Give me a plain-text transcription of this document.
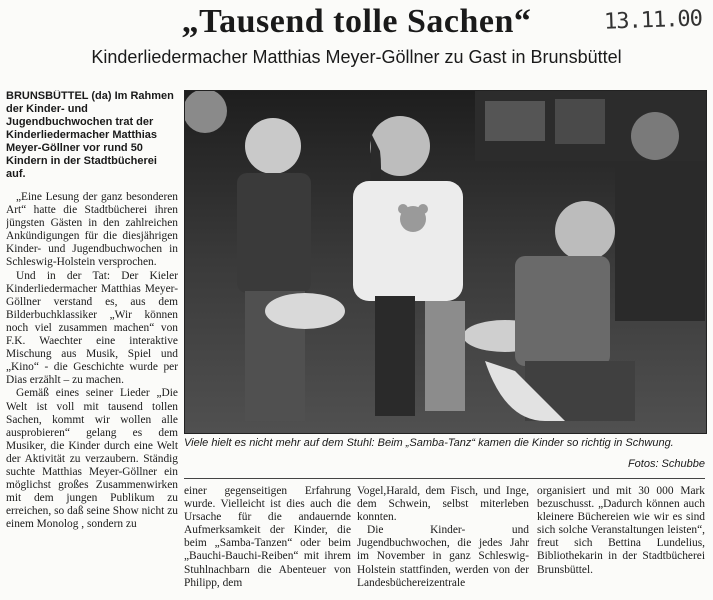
„Tausend tolle Sachen“	13.11.00
Kinderliedermacher Matthias Meyer-Göllner zu Gast in Brunsbüttel

BRUNSBÜTTEL (da) Im Rahmen der Kinder- und Jugendbuchwochen trat der Kinderliedermacher Matthias Meyer-Göllner vor rund 50 Kindern in der Stadtbücherei auf.

„Eine Lesung der ganz besonderen Art“ hatte die Stadtbücherei ihren jüngsten Gästen in den zahlreichen Ankündigungen für die diesjährigen Kinder- und Jugendbuchwochen in Schleswig-Holstein versprochen.

Und in der Tat: Der Kieler Kinderliedermacher Matthias Meyer-Göllner verstand es, aus dem Bilderbuchklassiker „Wir können noch viel zusammen machen“ von F.K. Waechter eine interaktive Mischung aus Musik, Spiel und „Kino“ - die Geschichte wurde per Dias erzählt – zu machen.

Gemäß eines seiner Lieder „Die Welt ist voll mit tausend tollen Sachen, kommt wir wollen alle ausprobieren“ gelang es dem Musiker, die Kinder durch eine Welt der Aktivität zu verzaubern. Ständig suchte Matthias Meyer-Göllner ein möglichst großes Zusammenwirken mit dem jungen Publikum zu erreichen, so daß seine Show nicht zu einem Monolog , sondern zu

Viele hielt es nicht mehr auf dem Stuhl: Beim „Samba-Tanz“ kamen die Kinder so richtig in Schwung.
Fotos: Schubbe

einer gegenseitigen Erfahrung wurde. Vielleicht ist dies auch die Ursache für die andauernde Aufmerksamkeit der Kinder, die beim „Samba-Tanzen“ oder beim „Bauchi-Bauchi-Reiben“ mit ihrem Stuhlnachbarn die Abenteuer von Philipp, dem

Vogel,Harald, dem Fisch, und Inge, dem Schwein, selbst miterleben konnten.

Die Kinder- und Jugendbuchwochen, die jedes Jahr im November in ganz Schleswig-Holstein stattfinden, werden von der Landesbüchereizentrale

organisiert und mit 30 000 Mark bezuschusst. „Dadurch können auch kleinere Büchereien wie wir es sind sich solche Veranstaltungen leisten“, freut sich Bettina Lundelius, Bibliothekarin in der Stadtbücherei Brunsbüttel.
